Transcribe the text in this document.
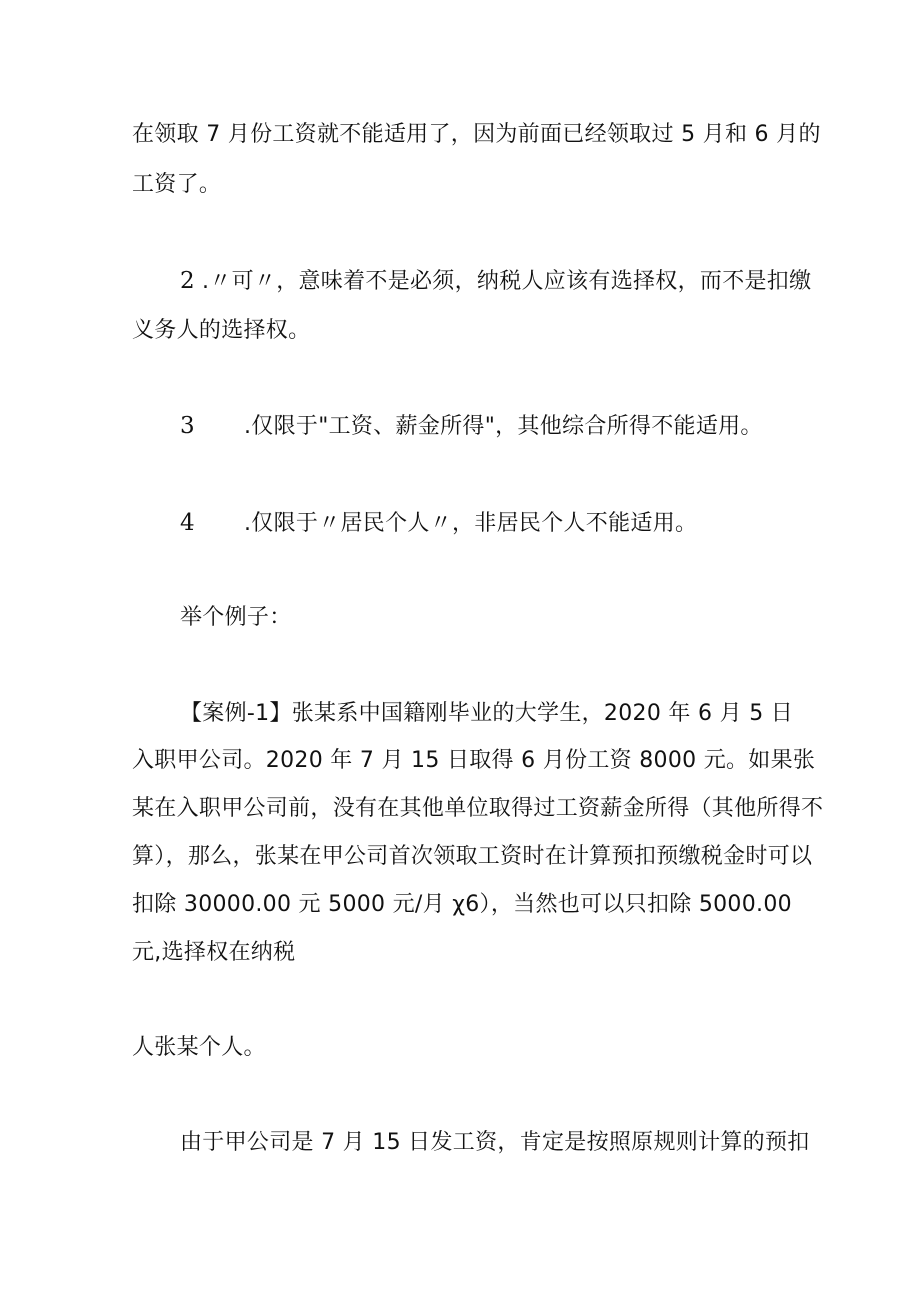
在领取 7 月份工资就不能适用了，因为前面已经领取过 5 月和 6 月的
工资了。
2 .〃可〃，意味着不是必须，纳税人应该有选择权，而不是扣缴
义务人的选择权。
3 .仅限于"工资、薪金所得"，其他综合所得不能适用。
4 .仅限于〃居民个人〃，非居民个人不能适用。
举个例子：
【案例-1】张某系中国籍刚毕业的大学生，2020 年 6 月 5 日
入职甲公司。2020 年 7 月 15 日取得 6 月份工资 8000 元。如果张
某在入职甲公司前，没有在其他单位取得过工资薪金所得（其他所得不
算），那么，张某在甲公司首次领取工资时在计算预扣预缴税金时可以
扣除 30000.00 元 5000 元/月 χ6），当然也可以只扣除 5000.00
元,选择权在纳税
人张某个人。
由于甲公司是 7 月 15 日发工资，肯定是按照原规则计算的预扣
